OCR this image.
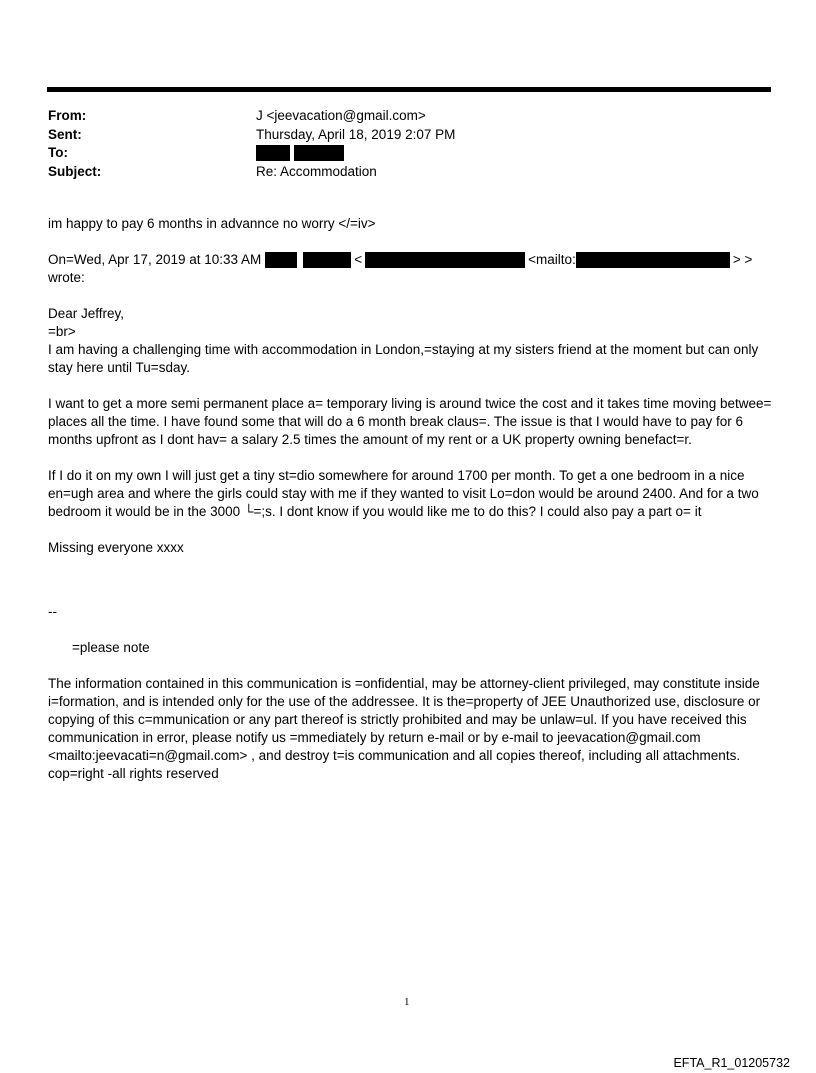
From:	J <jeevacation@gmail.com>
Sent:	Thursday, April 18, 2019 2:07 PM
To:
Subject:	Re: Accommodation

im happy to pay 6 months in advannce no worry </=iv>

On=Wed, Apr 17, 2019 at 10:33 AM	<	<mailto:	> >

wrote:

Dear Jeffrey,

=br>

I am having a challenging time with accommodation in London,=staying at my sisters friend at the moment but can only stay here until Tu=sday.

I want to get a more semi permanent place a= temporary living is around twice the cost and it takes time moving betwee= places all the time. I have found some that will do a 6 month break claus=. The issue is that I would have to pay for 6 months upfront as I dont hav= a salary 2.5 times the amount of my rent or a UK property owning benefact=r.

If I do it on my own I will just get a tiny st=dio somewhere for around 1700 per month. To get a one bedroom in a nice en=ugh area and where the girls could stay with me if they wanted to visit Lo=don would be around 2400. And for a two bedroom it would be in the 3000 └=;s. I dont know if you would like me to do this? I could also pay a part o= it

Missing everyone xxxx

--

=please note

The information contained in this communication is =onfidential, may be attorney-client privileged, may constitute inside i=formation, and is intended only for the use of the addressee. It is the=property of JEE Unauthorized use, disclosure or copying of this c=mmunication or any part thereof is strictly prohibited and may be unlaw=ul. If you have received this communication in error, please notify us =mmediately by return e-mail or by e-mail to jeevacation@gmail.com <mailto:jeevacati=n@gmail.com> , and destroy t=is communication and all copies thereof, including all attachments. cop=right -all rights reserved

1
EFTA_R1_01205732
